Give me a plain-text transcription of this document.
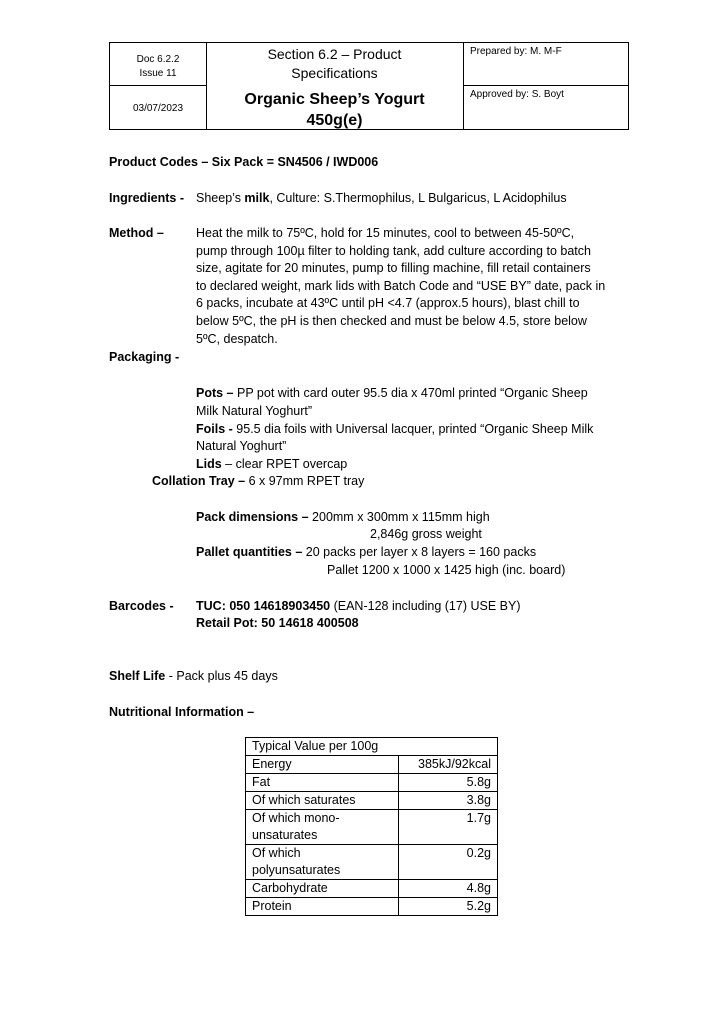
Doc 6.2.2
Issue 11
03/07/2023
Section 6.2 – Product
Specifications
Organic Sheep’s Yogurt
450g(e)
Prepared by: M. M-F
Approved by: S. Boyt
Product Codes – Six Pack = SN4506 / IWD006
Ingredients - Sheep’s milk, Culture: S.Thermophilus, L Bulgaricus, L Acidophilus
Method –	Heat the milk to 75ºC, hold for 15 minutes, cool to between 45-50ºC,
pump through 100µ filter to holding tank, add culture according to batch
size, agitate for 20 minutes, pump to filling machine, fill retail containers
to declared weight, mark lids with Batch Code and “USE BY” date, pack in
6 packs, incubate at 43ºC until pH <4.7 (approx.5 hours), blast chill to
below 5ºC, the pH is then checked and must be below 4.5, store below
5ºC, despatch.
Packaging -
Pots – PP pot with card outer 95.5 dia x 470ml printed “Organic Sheep
Milk Natural Yoghurt”
Foils - 95.5 dia foils with Universal lacquer, printed “Organic Sheep Milk
Natural Yoghurt”
Lids – clear RPET overcap
Collation Tray – 6 x 97mm RPET tray
Pack dimensions – 200mm x 300mm x 115mm high
2,846g gross weight
Pallet quantities – 20 packs per layer x 8 layers = 160 packs
Pallet 1200 x 1000 x 1425 high (inc. board)
Barcodes - TUC: 050 14618903450 (EAN-128 including (17) USE BY)
Retail Pot: 50 14618 400508
Shelf Life - Pack plus 45 days
Nutritional Information –
Typical Value per 100g	
Energy	385kJ/92kcal
Fat	5.8g
Of which saturates	3.8g
Of which mono-unsaturates	1.7g
Of which polyunsaturates	0.2g
Carbohydrate	4.8g
Protein	5.2g
